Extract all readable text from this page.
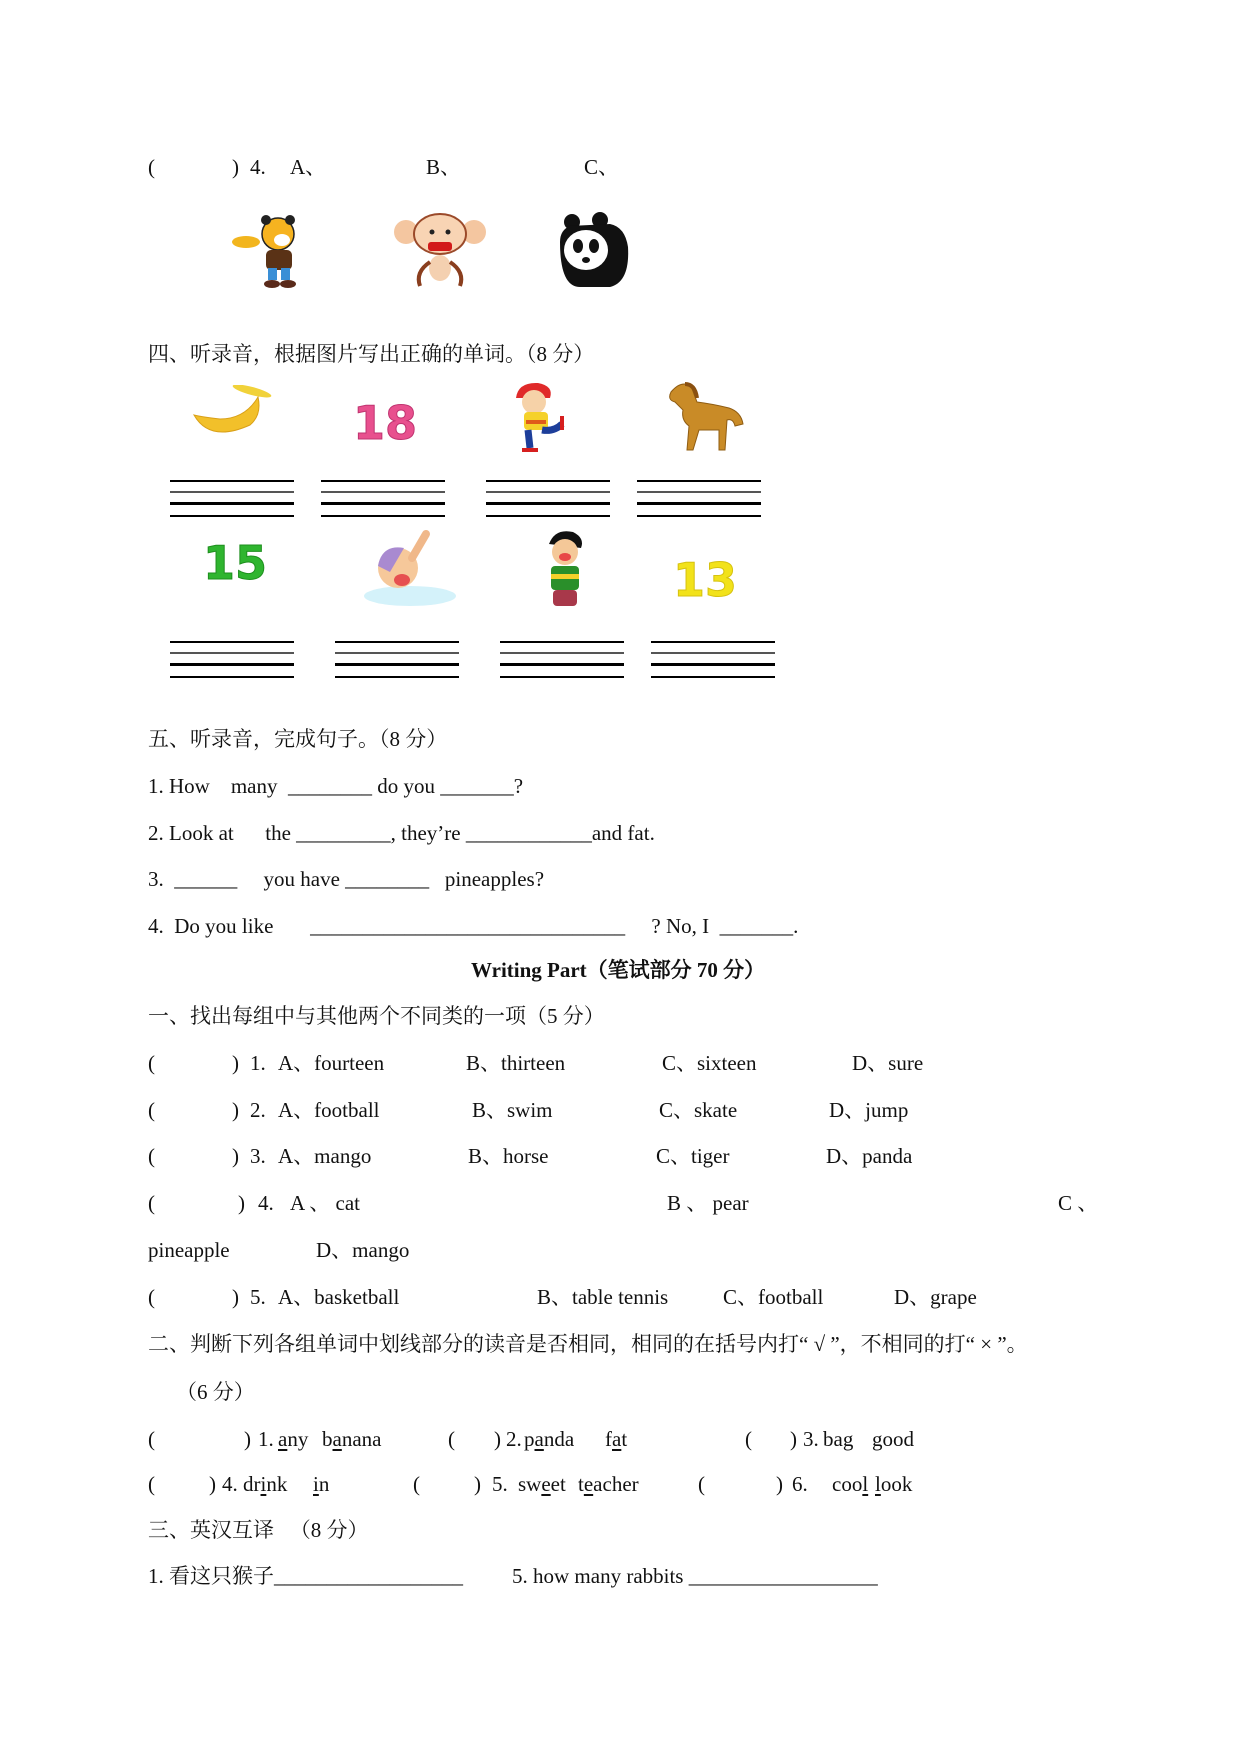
(	) 4. A、	B、	C、
四、听录音，根据图片写出正确的单词。（8 分）
18
15	13
五、听录音，完成句子。（8 分）
1. How    many  ________ do you _______?
2. Look at      the _________, they’re ____________and fat.
3.  ______     you have ________   pineapples?
4.  Do you like       ______________________________     ? No, I  _______.
Writing Part（笔试部分 70 分）
一、找出每组中与其他两个不同类的一项（5 分）
(	) 1. A、fourteen	B、thirteen	C、sixteen	D、sure
(	) 2. A、football	B、swim	C、skate	D、jump
(	) 3. A、mango	B、horse	C、tiger	D、panda
(	) 4. A 、 cat	B 、 pear	C 、
pineapple	D、mango
(	) 5. A、basketball	B、table tennis	C、football	D、grape
二、判断下列各组单词中划线部分的读音是否相同，相同的在括号内打“ √ ”，不相同的打“ × ”。
（6 分）
(	) 1. any banana	( ) 2. panda fat	( ) 3. bag good
(	) 4. drink in	(	) 5. sweet teacher	(	) 6. cool look
三、英汉互译   （8 分）
1. 看这只猴子__________________ 5. how many rabbits __________________
